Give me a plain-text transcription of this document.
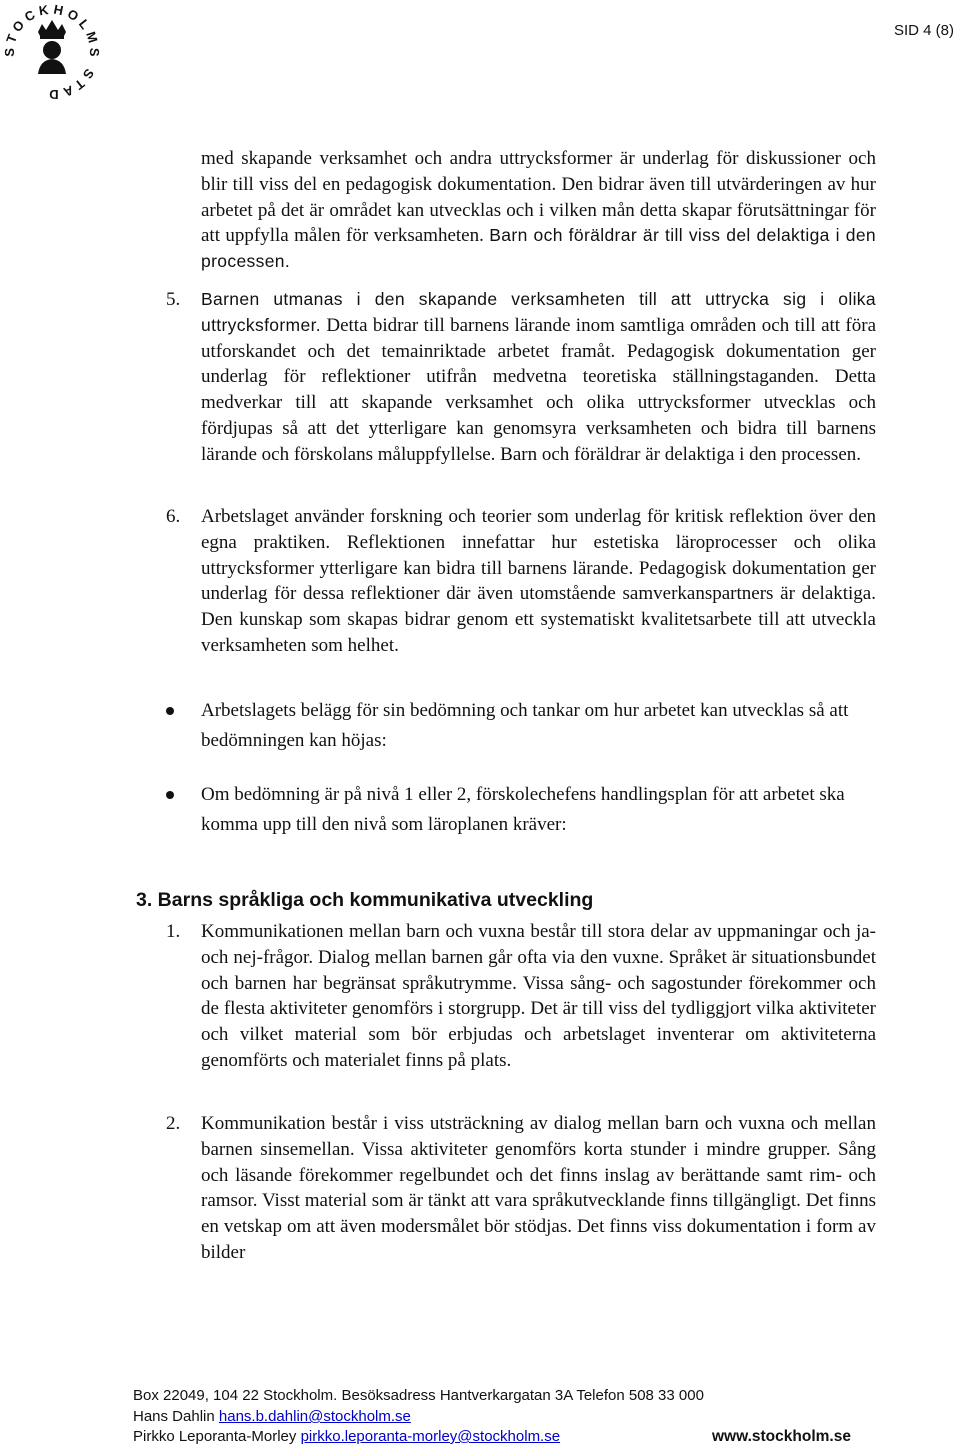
STOCKHOLMS STAD
SID 4 (8)

med skapande verksamhet och andra uttrycksformer är underlag för diskussioner och blir till viss del en pedagogisk dokumentation. Den bidrar även till utvärderingen av hur arbetet på det är området kan utvecklas och i vilken mån detta skapar förutsättningar för att uppfylla målen för verksamheten. Barn och föräldrar är till viss del delaktiga i den processen.

5. Barnen utmanas i den skapande verksamheten till att uttrycka sig i olika uttrycksformer. Detta bidrar till barnens lärande inom samtliga områden och till att föra utforskandet och det temainriktade arbetet framåt. Pedagogisk dokumentation ger underlag för reflektioner utifrån medvetna teoretiska ställningstaganden. Detta medverkar till att skapande verksamhet och olika uttrycksformer utvecklas och fördjupas så att det ytterligare kan genomsyra verksamheten och bidra till barnens lärande och förskolans måluppfyllelse. Barn och föräldrar är delaktiga i den processen.

6. Arbetslaget använder forskning och teorier som underlag för kritisk reflektion över den egna praktiken. Reflektionen innefattar hur estetiska läroprocesser och olika uttrycksformer ytterligare kan bidra till barnens lärande. Pedagogisk dokumentation ger underlag för dessa reflektioner där även utomstående samverkanspartners är delaktiga. Den kunskap som skapas bidrar genom ett systematiskt kvalitetsarbete till att utveckla verksamheten som helhet.

Arbetslagets belägg för sin bedömning och tankar om hur arbetet kan utvecklas så att bedömningen kan höjas:

Om bedömning är på nivå 1 eller 2, förskolechefens handlingsplan för att arbetet ska komma upp till den nivå som läroplanen kräver:

3. Barns språkliga och kommunikativa utveckling
1. Kommunikationen mellan barn och vuxna består till stora delar av uppmaningar och ja- och nej-frågor. Dialog mellan barnen går ofta via den vuxne. Språket är situationsbundet och barnen har begränsat språkutrymme. Vissa sång- och sagostunder förekommer och de flesta aktiviteter genomförs i storgrupp. Det är till viss del tydliggjort vilka aktiviteter och vilket material som bör erbjudas och arbetslaget inventerar om aktiviteterna genomförts och materialet finns på plats.

2. Kommunikation består i viss utsträckning av dialog mellan barn och vuxna och mellan barnen sinsemellan. Vissa aktiviteter genomförs korta stunder i mindre grupper. Sång och läsande förekommer regelbundet och det finns inslag av berättande samt rim- och ramsor. Visst material som är tänkt att vara språkutvecklande finns tillgängligt. Det finns en vetskap om att även modersmålet bör stödjas. Det finns viss dokumentation i form av bilder

Box 22049, 104 22 Stockholm. Besöksadress Hantverkargatan 3A Telefon 508 33 000
Hans Dahlin hans.b.dahlin@stockholm.se
Pirkko Leporanta-Morley pirkko.leporanta-morley@stockholm.se	www.stockholm.se
